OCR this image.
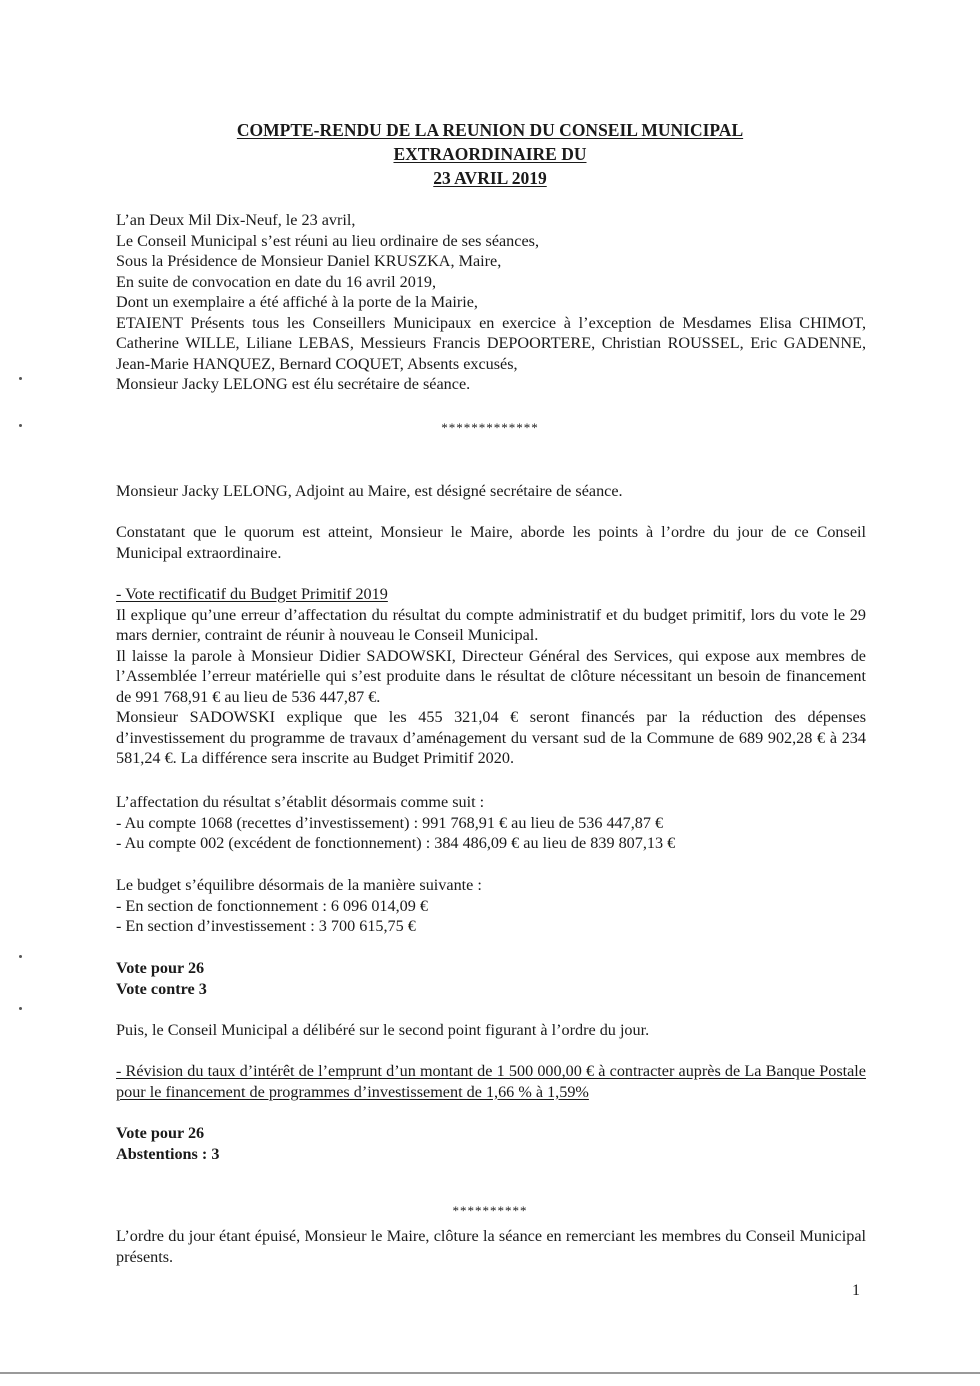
COMPTE-RENDU DE LA REUNION DU CONSEIL MUNICIPAL
EXTRAORDINAIRE DU
23 AVRIL 2019
L’an Deux Mil Dix-Neuf, le 23 avril,
Le Conseil Municipal s’est réuni au lieu ordinaire de ses séances,
Sous la Présidence de Monsieur Daniel KRUSZKA, Maire,
En suite de convocation en date du 16 avril 2019,
Dont un exemplaire a été affiché à la porte de la Mairie,
ETAIENT Présents tous les Conseillers Municipaux en exercice à l’exception de Mesdames Elisa CHIMOT, Catherine WILLE, Liliane LEBAS, Messieurs Francis DEPOORTERE, Christian ROUSSEL, Eric GADENNE, Jean-Marie HANQUEZ, Bernard COQUET, Absents excusés,
Monsieur Jacky LELONG est élu secrétaire de séance.
*************
Monsieur Jacky LELONG, Adjoint au Maire, est désigné secrétaire de séance.
Constatant que le quorum est atteint, Monsieur le Maire, aborde les points à l’ordre du jour de ce Conseil Municipal extraordinaire.
- Vote rectificatif du Budget Primitif 2019
Il explique qu’une erreur d’affectation du résultat du compte administratif et du budget primitif, lors du vote le 29 mars dernier, contraint de réunir à nouveau le Conseil Municipal.
Il laisse la parole à Monsieur Didier SADOWSKI, Directeur Général des Services, qui expose aux membres de l’Assemblée l’erreur matérielle qui s’est produite dans le résultat de clôture nécessitant un besoin de financement de 991 768,91 € au lieu de 536 447,87 €.
Monsieur SADOWSKI explique que les 455 321,04 € seront financés par la réduction des dépenses d’investissement du programme de travaux d’aménagement du versant sud de la Commune de 689 902,28 € à 234 581,24 €. La différence sera inscrite au Budget Primitif 2020.
L’affectation du résultat s’établit désormais comme suit :
- Au compte 1068 (recettes d’investissement) : 991 768,91 € au lieu de 536 447,87 €
- Au compte 002 (excédent de fonctionnement) : 384 486,09 € au lieu de 839 807,13 €
Le budget s’équilibre désormais de la manière suivante :
- En section de fonctionnement : 6 096 014,09 €
- En section d’investissement : 3 700 615,75 €
Vote pour 26
Vote contre 3
Puis, le Conseil Municipal a délibéré sur le second point figurant à l’ordre du jour.
- Révision du taux d’intérêt de l’emprunt d’un montant de 1 500 000,00 € à contracter auprès de La Banque Postale pour le financement de programmes d’investissement de 1,66 % à 1,59%
Vote pour 26
Abstentions : 3
**********
L’ordre du jour étant épuisé, Monsieur le Maire, clôture la séance en remerciant les membres du Conseil Municipal présents.
1
